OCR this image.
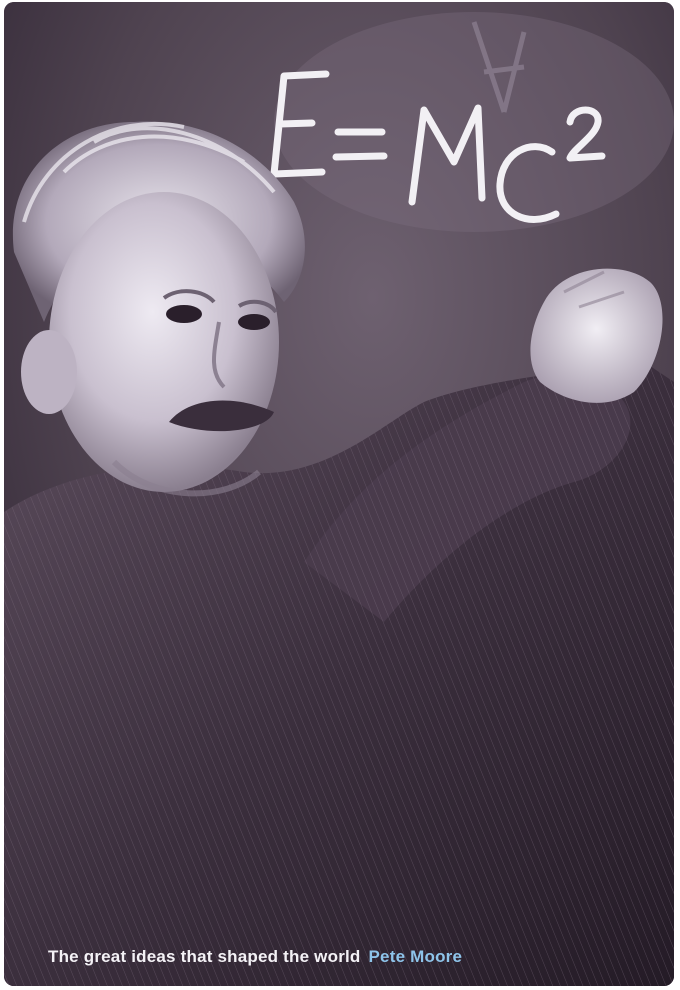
The great ideas that shaped the world Pete Moore
